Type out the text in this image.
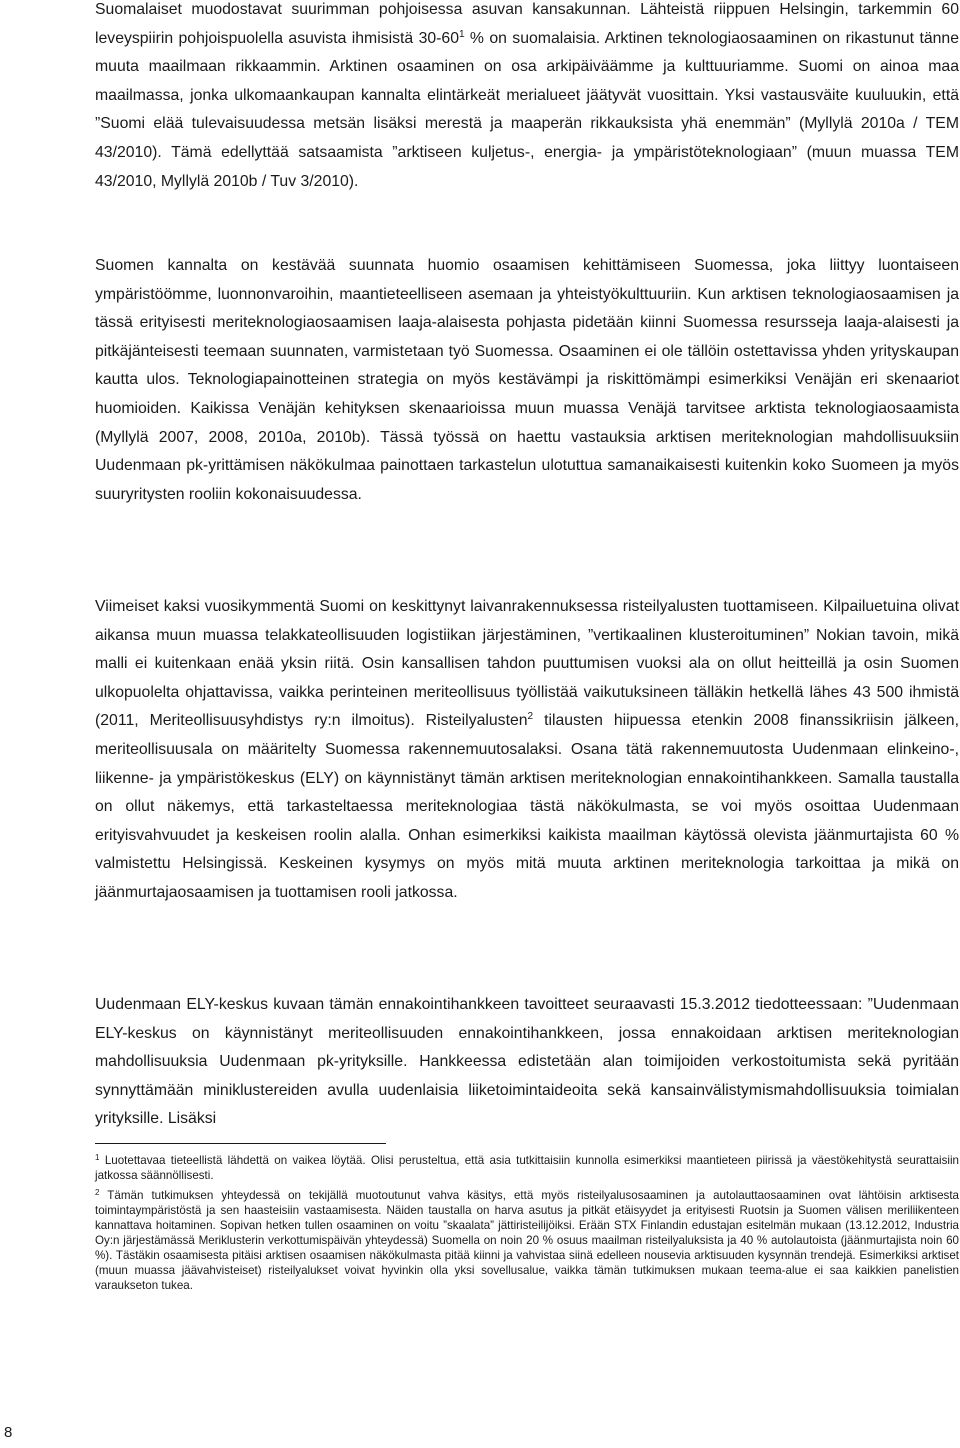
Suomalaiset muodostavat suurimman pohjoisessa asuvan kansakunnan. Lähteistä riippuen Helsingin, tarkemmin 60 leveyspiirin pohjoispuolella asuvista ihmisistä $30-60^1$ % on suomalaisia. Arktinen teknologiaosaaminen on rikastunut tänne muuta maailmaan rikkaammin. Arktinen osaaminen on osa arkipäiväämme ja kulttuuriamme. Suomi on ainoa maa maailmassa, jonka ulkomaankaupan kannalta elintärkeät merialueet jäätyvät vuosittain. Yksi vastausväite kuuluukin, että ”Suomi elää tulevaisuudessa metsän lisäksi merestä ja maaperän rikkauksista yhä enemmän” (Myllylä 2010a / TEM 43/2010). Tämä edellyttää satsaamista ”arktiseen kuljetus-, energia- ja ympäristöteknologiaan” (muun muassa TEM 43/2010, Myllylä 2010b / Tuv 3/2010).

Suomen kannalta on kestävää suunnata huomio osaamisen kehittämiseen Suomessa, joka liittyy luontaiseen ympäristöömme, luonnonvaroihin, maantieteelliseen asemaan ja yhteistyökulttuuriin. Kun arktisen teknologiaosaamisen ja tässä erityisesti meriteknologiaosaamisen laaja-alaisesta pohjasta pidetään kiinni Suomessa resursseja laaja-alaisesti ja pitkäjänteisesti teemaan suunnaten, varmistetaan työ Suomessa. Osaaminen ei ole tällöin ostettavissa yhden yrityskaupan kautta ulos. Teknologiapainotteinen strategia on myös kestävämpi ja riskittömämpi esimerkiksi Venäjän eri skenaariot huomioiden. Kaikissa Venäjän kehityksen skenaarioissa muun muassa Venäjä tarvitsee arktista teknologiaosaamista (Myllylä 2007, 2008, 2010a, 2010b). Tässä työssä on haettu vastauksia arktisen meriteknologian mahdollisuuksiin Uudenmaan pk-yrittämisen näkökulmaa painottaen tarkastelun ulotuttua samanaikaisesti kuitenkin koko Suomeen ja myös suuryritysten rooliin kokonaisuudessa.

Viimeiset kaksi vuosikymmentä Suomi on keskittynyt laivanrakennuksessa risteilyalusten tuottamiseen. Kilpailuetuina olivat aikansa muun muassa telakkateollisuuden logistiikan järjestäminen, ”vertikaalinen klusteroituminen” Nokian tavoin, mikä malli ei kuitenkaan enää yksin riitä. Osin kansallisen tahdon puuttumisen vuoksi ala on ollut heitteillä ja osin Suomen ulkopuolelta ohjattavissa, vaikka perinteinen meriteollisuus työllistää vaikutuksineen tälläkin hetkellä lähes 43 500 ihmistä (2011, Meriteollisuusyhdistys ry:n ilmoitus). Risteilyalusten$^2$ tilausten hiipuessa etenkin 2008 finanssikriisin jälkeen, meriteollisuusala on määritelty Suomessa rakennemuutosalaksi. Osana tätä rakennemuutosta Uudenmaan elinkeino-, liikenne- ja ympäristökeskus (ELY) on käynnistänyt tämän arktisen meriteknologian ennakointihankkeen. Samalla taustalla on ollut näkemys, että tarkasteltaessa meriteknologiaa tästä näkökulmasta, se voi myös osoittaa Uudenmaan erityisvahvuudet ja keskeisen roolin alalla. Onhan esimerkiksi kaikista maailman käytössä olevista jäänmurtajista 60 % valmistettu Helsingissä. Keskeinen kysymys on myös mitä muuta arktinen meriteknologia tarkoittaa ja mikä on jäänmurtajaosaamisen ja tuottamisen rooli jatkossa.

Uudenmaan ELY-keskus kuvaan tämän ennakointihankkeen tavoitteet seuraavasti 15.3.2012 tiedotteessaan: ”Uudenmaan ELY-keskus on käynnistänyt meriteollisuuden ennakointihankkeen, jossa ennakoidaan arktisen meriteknologian mahdollisuuksia Uudenmaan pk-yrityksille. Hankkeessa edistetään alan toimijoiden verkostoitumista sekä pyritään synnyttämään miniklustereiden avulla uudenlaisia liiketoimintaideoita sekä kansainvälistymismahdollisuuksia toimialan yrityksille. Lisäksi

$^1$ Luotettavaa tieteellistä lähdettä on vaikea löytää. Olisi perusteltua, että asia tutkittaisiin kunnolla esimerkiksi maantieteen piirissä ja väestökehitystä seurattaisiin jatkossa säännöllisesti.

$^2$ Tämän tutkimuksen yhteydessä on tekijällä muotoutunut vahva käsitys, että myös risteilyalusosaaminen ja autolauttaosaaminen ovat lähtöisin arktisesta toimintaympäristöstä ja sen haasteisiin vastaamisesta. Näiden taustalla on harva asutus ja pitkät etäisyydet ja erityisesti Ruotsin ja Suomen välisen meriliikenteen kannattava hoitaminen. Sopivan hetken tullen osaaminen on voitu ”skaalata” jättiristeilijöiksi. Erään STX Finlandin edustajan esitelmän mukaan (13.12.2012, Industria Oy:n järjestämässä Meriklusterin verkottumispäivän yhteydessä) Suomella on noin 20 % osuus maailman risteilyaluksista ja 40 % autolautoista (jäänmurtajista noin 60 %). Tästäkin osaamisesta pitäisi arktisen osaamisen näkökulmasta pitää kiinni ja vahvistaa siinä edelleen nousevia arktisuuden kysynnän trendejä. Esimerkiksi arktiset (muun muassa jäävahvisteiset) risteilyalukset voivat hyvinkin olla yksi sovellusalue, vaikka tämän tutkimuksen mukaan teema-alue ei saa kaikkien panelistien varaukseton tukea.

8
